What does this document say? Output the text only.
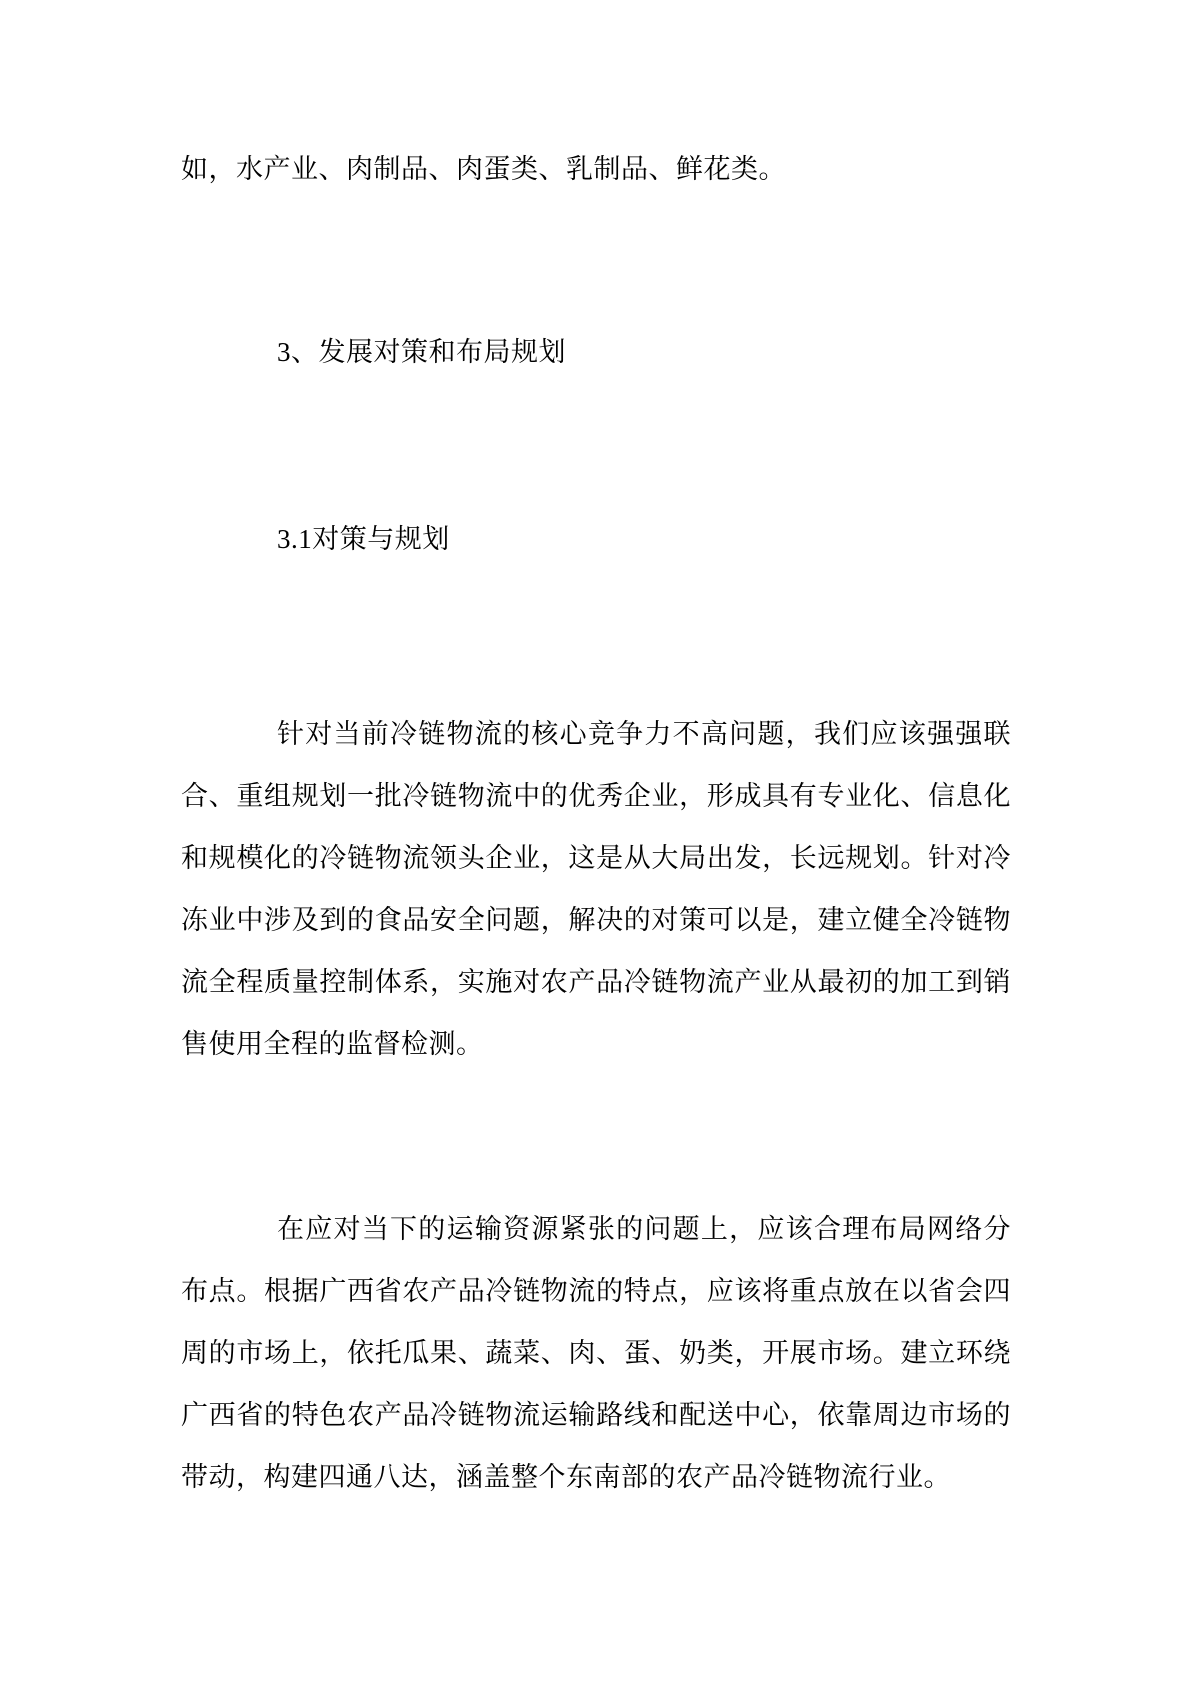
如，水产业、肉制品、肉蛋类、乳制品、鲜花类。

3、发展对策和布局规划

3.1对策与规划

针对当前冷链物流的核心竞争力不高问题，我们应该强强联合、重组规划一批冷链物流中的优秀企业，形成具有专业化、信息化和规模化的冷链物流领头企业，这是从大局出发，长远规划。针对冷冻业中涉及到的食品安全问题，解决的对策可以是，建立健全冷链物流全程质量控制体系，实施对农产品冷链物流产业从最初的加工到销售使用全程的监督检测。

在应对当下的运输资源紧张的问题上，应该合理布局网络分布点。根据广西省农产品冷链物流的特点，应该将重点放在以省会四周的市场上，依托瓜果、蔬菜、肉、蛋、奶类，开展市场。建立环绕广西省的特色农产品冷链物流运输路线和配送中心，依靠周边市场的带动，构建四通八达，涵盖整个东南部的农产品冷链物流行业。
